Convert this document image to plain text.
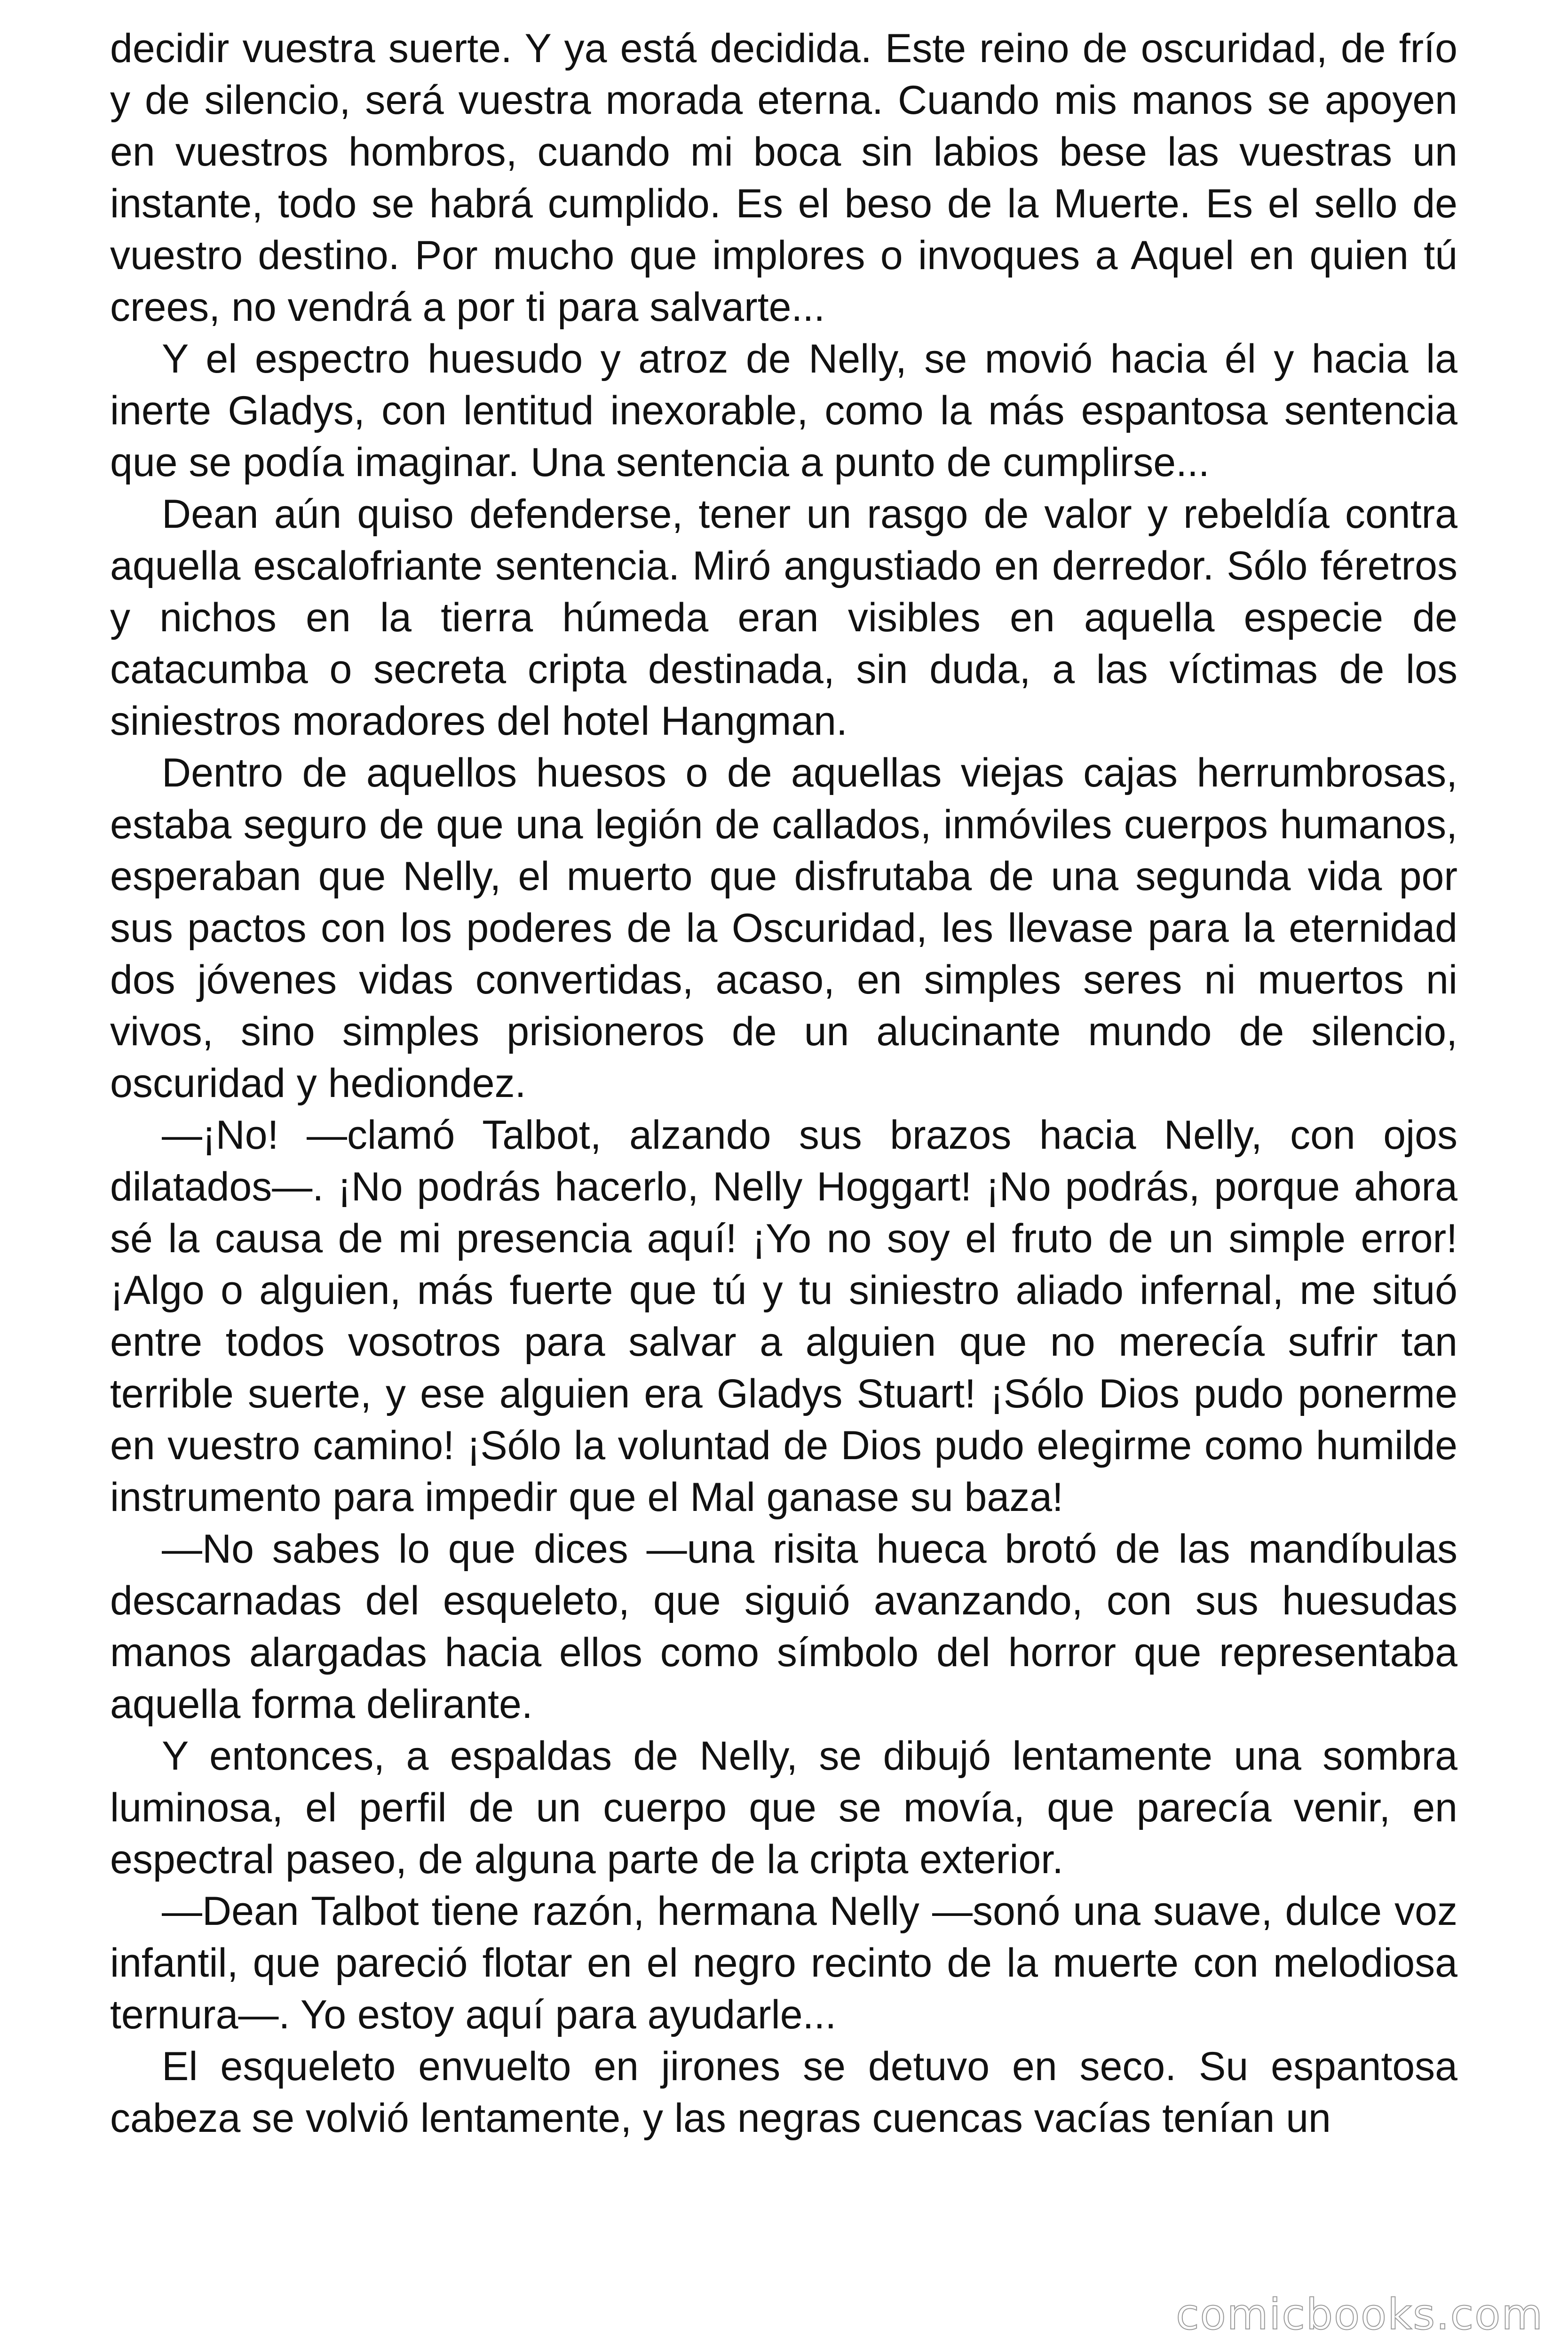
decidir vuestra suerte. Y ya está decidida. Este reino de oscuridad, de frío y de silencio, será vuestra morada eterna. Cuando mis manos se apoyen en vuestros hombros, cuando mi boca sin labios bese las vuestras un instante, todo se habrá cumplido. Es el beso de la Muerte. Es el sello de vuestro destino. Por mucho que implores o invoques a Aquel en quien tú crees, no vendrá a por ti para salvarte...

Y el espectro huesudo y atroz de Nelly, se movió hacia él y hacia la inerte Gladys, con lentitud inexorable, como la más espantosa sentencia que se podía imaginar. Una sentencia a punto de cumplirse...

Dean aún quiso defenderse, tener un rasgo de valor y rebeldía contra aquella escalofriante sentencia. Miró angustiado en derredor. Sólo féretros y nichos en la tierra húmeda eran visibles en aquella especie de catacumba o secreta cripta destinada, sin duda, a las víctimas de los siniestros moradores del hotel Hangman.

Dentro de aquellos huesos o de aquellas viejas cajas herrumbrosas, estaba seguro de que una legión de callados, inmóviles cuerpos humanos, esperaban que Nelly, el muerto que disfrutaba de una segunda vida por sus pactos con los poderes de la Oscuridad, les llevase para la eternidad dos jóvenes vidas convertidas, acaso, en simples seres ni muertos ni vivos, sino simples prisioneros de un alucinante mundo de silencio, oscuridad y hediondez.

—¡No! —clamó Talbot, alzando sus brazos hacia Nelly, con ojos dilatados—. ¡No podrás hacerlo, Nelly Hoggart! ¡No podrás, porque ahora sé la causa de mi presencia aquí! ¡Yo no soy el fruto de un simple error! ¡Algo o alguien, más fuerte que tú y tu siniestro aliado infernal, me situó entre todos vosotros para salvar a alguien que no merecía sufrir tan terrible suerte, y ese alguien era Gladys Stuart! ¡Sólo Dios pudo ponerme en vuestro camino! ¡Sólo la voluntad de Dios pudo elegirme como humilde instrumento para impedir que el Mal ganase su baza!

—No sabes lo que dices —una risita hueca brotó de las mandíbulas descarnadas del esqueleto, que siguió avanzando, con sus huesudas manos alargadas hacia ellos como símbolo del horror que representaba aquella forma delirante.

Y entonces, a espaldas de Nelly, se dibujó lentamente una sombra luminosa, el perfil de un cuerpo que se movía, que parecía venir, en espectral paseo, de alguna parte de la cripta exterior.

—Dean Talbot tiene razón, hermana Nelly —sonó una suave, dulce voz infantil, que pareció flotar en el negro recinto de la muerte con melodiosa ternura—. Yo estoy aquí para ayudarle...

El esqueleto envuelto en jirones se detuvo en seco. Su espantosa cabeza se volvió lentamente, y las negras cuencas vacías tenían un

comicbooks.com
